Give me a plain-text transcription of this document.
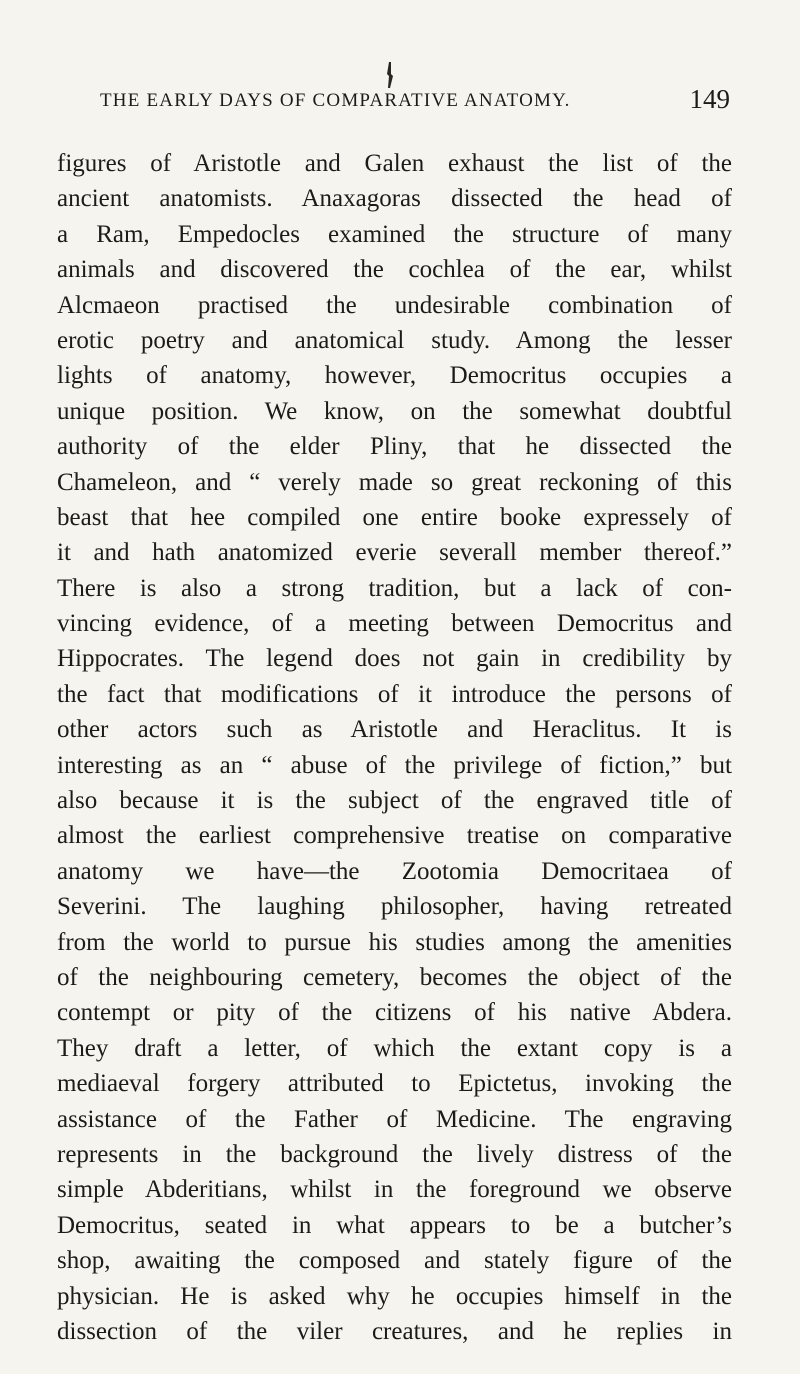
THE EARLY DAYS OF COMPARATIVE ANATOMY.	149
figures of Aristotle and Galen exhaust the list of the
ancient anatomists. Anaxagoras dissected the head of
a Ram, Empedocles examined the structure of many
animals and discovered the cochlea of the ear, whilst
Alcmaeon practised the undesirable combination of
erotic poetry and anatomical study. Among the lesser
lights of anatomy, however, Democritus occupies a
unique position. We know, on the somewhat doubtful
authority of the elder Pliny, that he dissected the
Chameleon, and “ verely made so great reckoning of this
beast that hee compiled one entire booke expressely of
it and hath anatomized everie severall member thereof.”
There is also a strong tradition, but a lack of con-
vincing evidence, of a meeting between Democritus and
Hippocrates. The legend does not gain in credibility by
the fact that modifications of it introduce the persons of
other actors such as Aristotle and Heraclitus. It is
interesting as an “ abuse of the privilege of fiction,” but
also because it is the subject of the engraved title of
almost the earliest comprehensive treatise on comparative
anatomy we have—the Zootomia Democritaea of
Severini. The laughing philosopher, having retreated
from the world to pursue his studies among the amenities
of the neighbouring cemetery, becomes the object of the
contempt or pity of the citizens of his native Abdera.
They draft a letter, of which the extant copy is a
mediaeval forgery attributed to Epictetus, invoking the
assistance of the Father of Medicine. The engraving
represents in the background the lively distress of the
simple Abderitians, whilst in the foreground we observe
Democritus, seated in what appears to be a butcher’s
shop, awaiting the composed and stately figure of the
physician. He is asked why he occupies himself in the
dissection of the viler creatures, and he replies in
